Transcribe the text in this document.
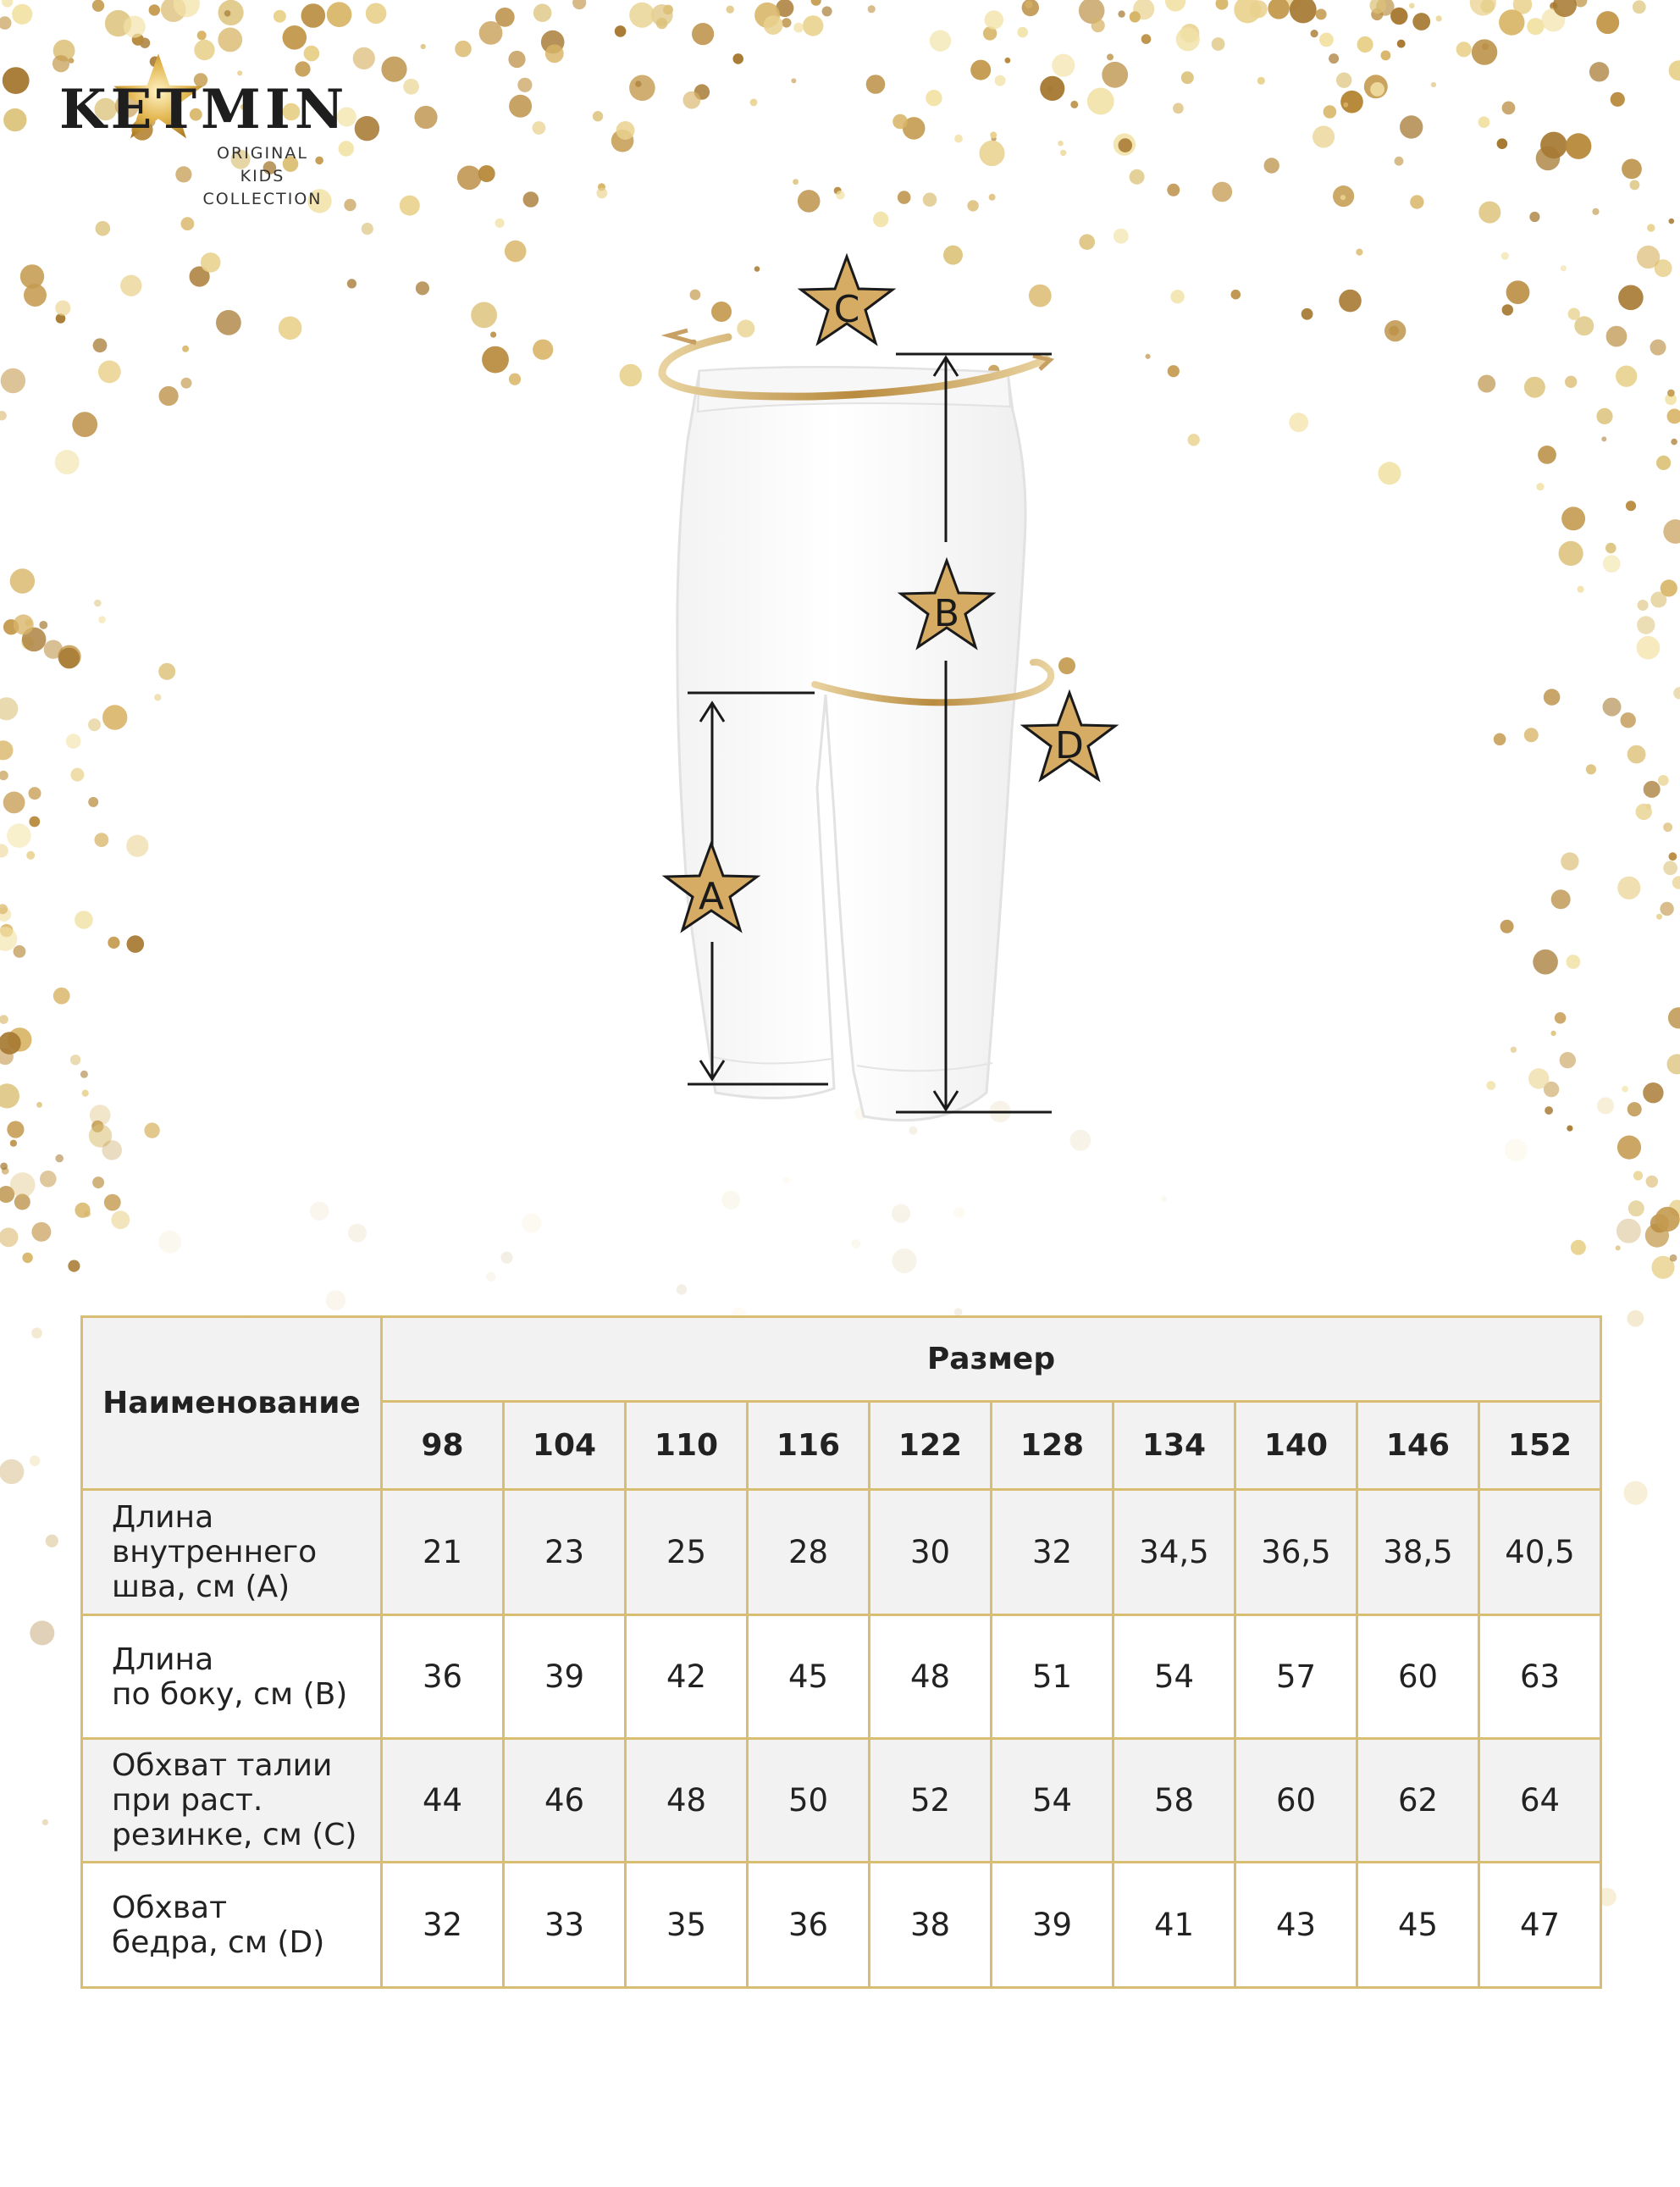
KETMIN
ORIGINAL KIDS
COLLECTION
C
B
D
A
Наименование	Размер									
	98	104	110	116	122	128	134	140	146	152

Длина
внутреннего
шва, см (A)	21	23	25	28	30	32	34,5	36,5	38,5	40,5

Длина
по боку, см (B)	36	39	42	45	48	51	54	57	60	63

Обхват талии
при раст.
резинке, см (C)	44	46	48	50	52	54	58	60	62	64

Обхват
бедра, см (D)	32	33	35	36	38	39	41	43	45	47
